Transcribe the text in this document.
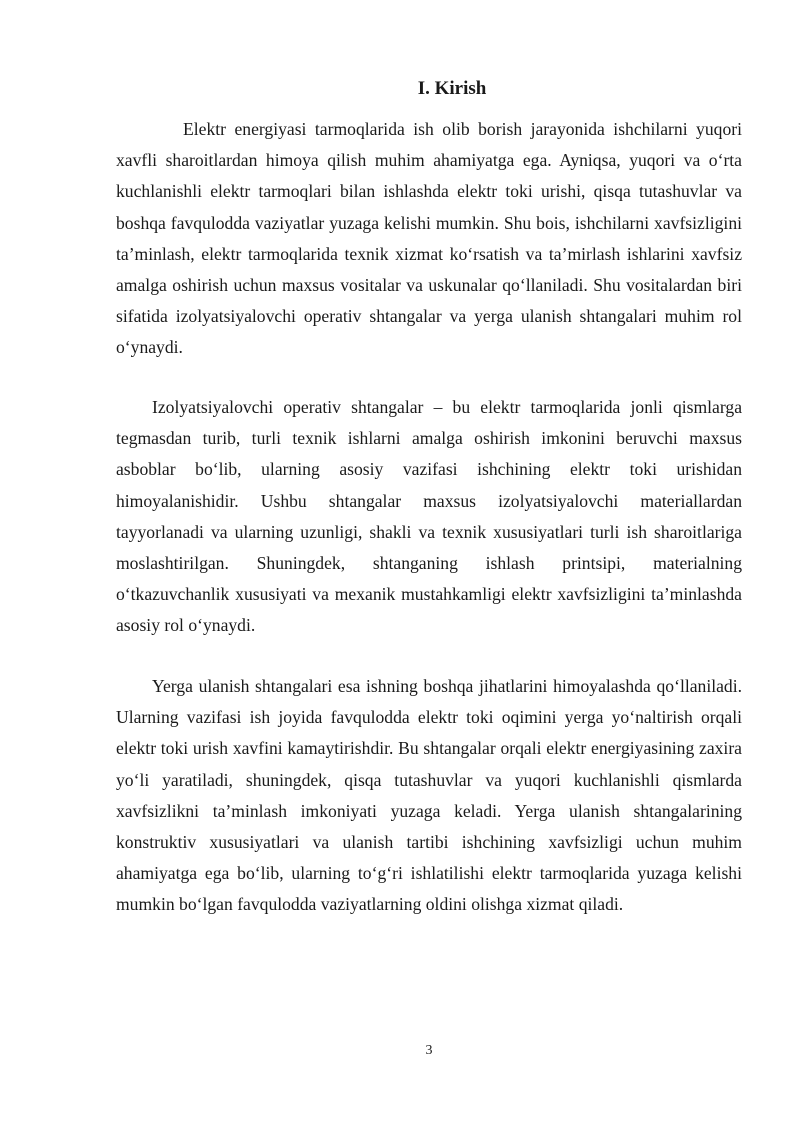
I. Kirish

Elektr energiyasi tarmoqlarida ish olib borish jarayonida ishchilarni yuqori xavfli sharoitlardan himoya qilish muhim ahamiyatga ega. Ayniqsa, yuqori va o‘rta kuchlanishli elektr tarmoqlari bilan ishlashda elektr toki urishi, qisqa tutashuvlar va boshqa favqulodda vaziyatlar yuzaga kelishi mumkin. Shu bois, ishchilarni xavfsizligini ta’minlash, elektr tarmoqlarida texnik xizmat ko‘rsatish va ta’mirlash ishlarini xavfsiz amalga oshirish uchun maxsus vositalar va uskunalar qo‘llaniladi. Shu vositalardan biri sifatida izolyatsiyalovchi operativ shtangalar va yerga ulanish shtangalari muhim rol o‘ynaydi.

Izolyatsiyalovchi operativ shtangalar – bu elektr tarmoqlarida jonli qismlarga tegmasdan turib, turli texnik ishlarni amalga oshirish imkonini beruvchi maxsus asboblar bo‘lib, ularning asosiy vazifasi ishchining elektr toki urishidan himoyalanishidir. Ushbu shtangalar maxsus izolyatsiyalovchi materiallardan tayyorlanadi va ularning uzunligi, shakli va texnik xususiyatlari turli ish sharoitlariga moslashtirilgan. Shuningdek, shtanganing ishlash printsipi, materialning o‘tkazuvchanlik xususiyati va mexanik mustahkamligi elektr xavfsizligini ta’minlashda asosiy rol o‘ynaydi.

Yerga ulanish shtangalari esa ishning boshqa jihatlarini himoyalashda qo‘llaniladi. Ularning vazifasi ish joyida favqulodda elektr toki oqimini yerga yo‘naltirish orqali elektr toki urish xavfini kamaytirishdir. Bu shtangalar orqali elektr energiyasining zaxira yo‘li yaratiladi, shuningdek, qisqa tutashuvlar va yuqori kuchlanishli qismlarda xavfsizlikni ta’minlash imkoniyati yuzaga keladi. Yerga ulanish shtangalarining konstruktiv xususiyatlari va ulanish tartibi ishchining xavfsizligi uchun muhim ahamiyatga ega bo‘lib, ularning to‘g‘ri ishlatilishi elektr tarmoqlarida yuzaga kelishi mumkin bo‘lgan favqulodda vaziyatlarning oldini olishga xizmat qiladi.

3
